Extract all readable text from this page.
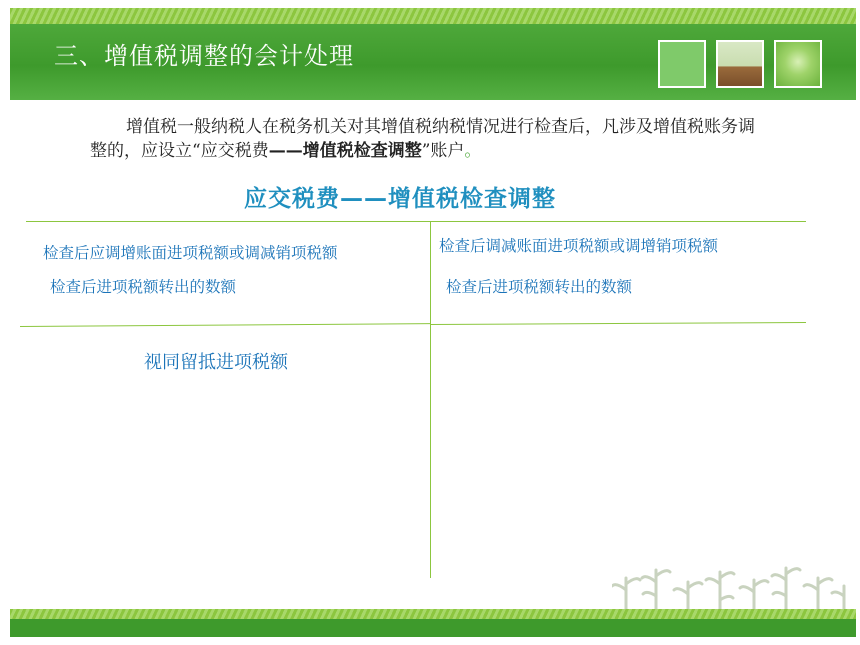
三、增值税调整的会计处理
增值税一般纳税人在税务机关对其增值税纳税情况进行检查后，凡涉及增值税账务调整的，应设立“应交税费——增值税检查调整”账户。
应交税费——增值税检查调整
检查后应调增账面进项税额或调减销项税额
检查后进项税额转出的数额
视同留抵进项税额
检查后调减账面进项税额或调增销项税额
检查后进项税额转出的数额
